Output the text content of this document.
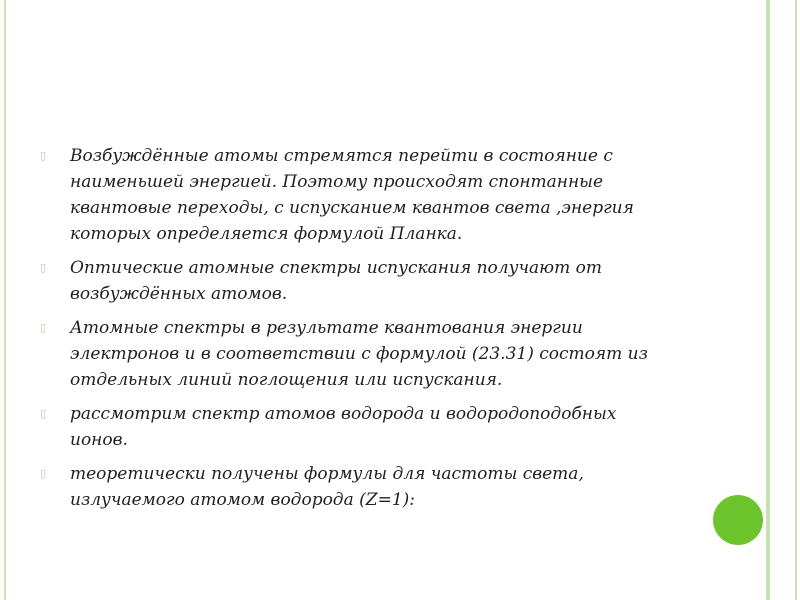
▯	Возбуждённые атомы стремятся перейти в состояние с
наименьшей энергией. Поэтому происходят спонтанные
квантовые переходы, с испусканием квантов света ,энергия
которых определяется формулой Планка.
▯	Оптические атомные спектры испускания получают от
возбуждённых атомов.
▯	Атомные спектры в результате квантования энергии
электронов и в соответствии с формулой (23.31) состоят из
отдельных линий поглощения или испускания.
▯	рассмотрим спектр атомов водорода и водородоподобных
ионов.
▯	теоретически получены формулы для частоты света,
излучаемого атомом водорода (Z=1):
